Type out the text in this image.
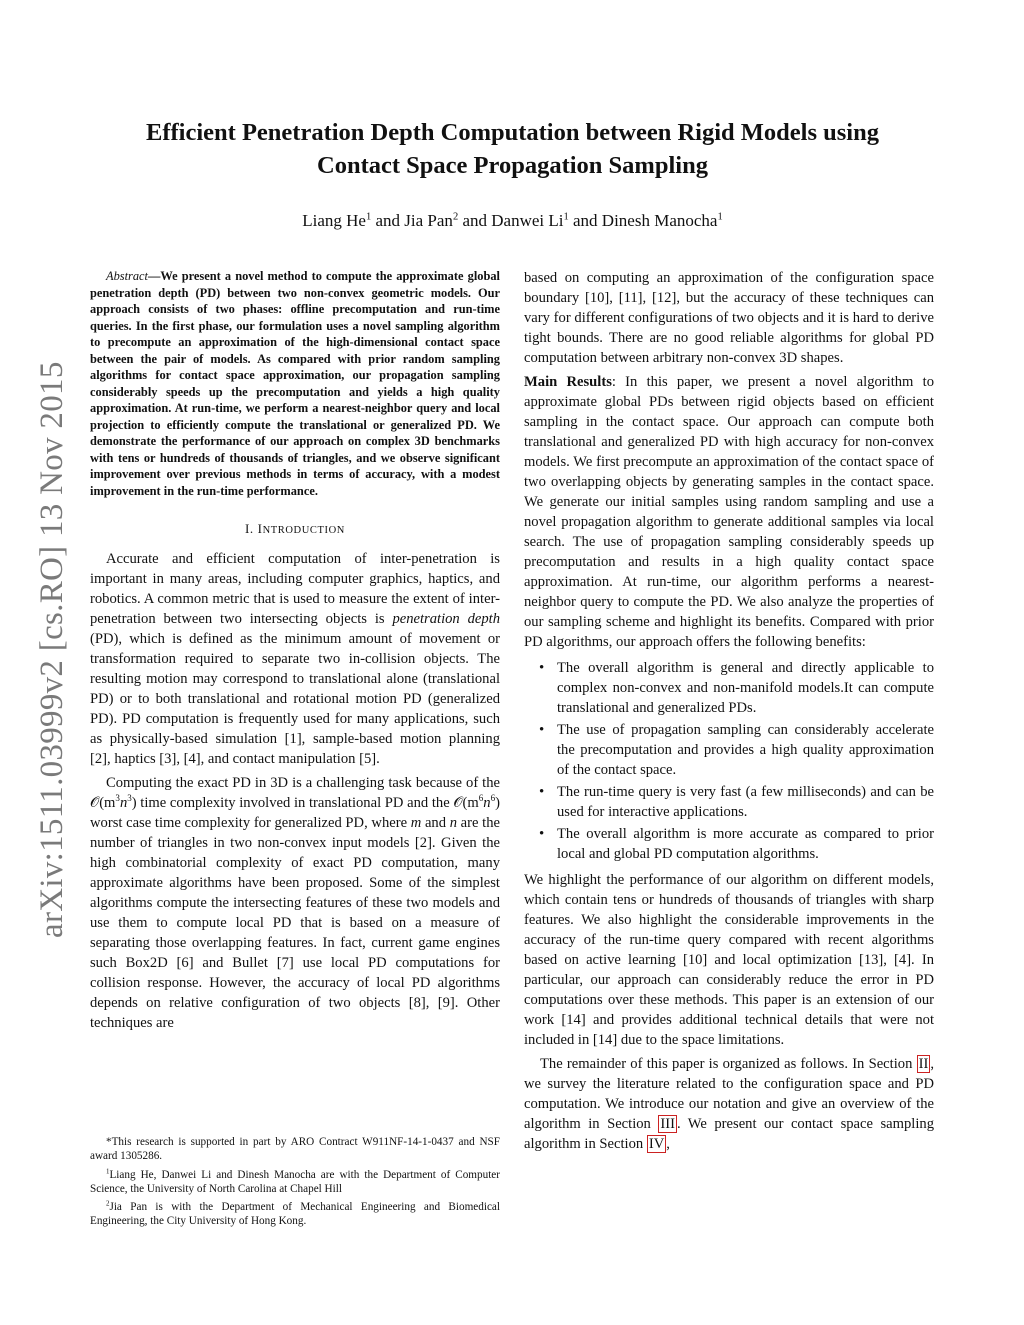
arXiv:1511.03999v2 [cs.RO] 13 Nov 2015
Efficient Penetration Depth Computation between Rigid Models using
Contact Space Propagation Sampling
Liang He$^1$ and Jia Pan$^2$ and Danwei Li$^1$ and Dinesh Manocha$^1$

Abstract—We present a novel method to compute the approximate global penetration depth (PD) between two non-convex geometric models. Our approach consists of two phases: offline precomputation and run-time queries. In the first phase, our formulation uses a novel sampling algorithm to precompute an approximation of the high-dimensional contact space between the pair of models. As compared with prior random sampling algorithms for contact space approximation, our propagation sampling considerably speeds up the precomputation and yields a high quality approximation. At run-time, we perform a nearest-neighbor query and local projection to efficiently compute the translational or generalized PD. We demonstrate the performance of our approach on complex 3D benchmarks with tens or hundreds of thousands of triangles, and we observe significant improvement over previous methods in terms of accuracy, with a modest improvement in the run-time performance.

I. INTRODUCTION

Accurate and efficient computation of inter-penetration is important in many areas, including computer graphics, haptics, and robotics. A common metric that is used to measure the extent of inter-penetration between two intersecting objects is penetration depth (PD), which is defined as the minimum amount of movement or transformation required to separate two in-collision objects. The resulting motion may correspond to translational alone (translational PD) or to both translational and rotational motion PD (generalized PD). PD computation is frequently used for many applications, such as physically-based simulation [1], sample-based motion planning [2], haptics [3], [4], and contact manipulation [5].

Computing the exact PD in 3D is a challenging task because of the $𝒪(m^3n^3)$ time complexity involved in translational PD and the $𝒪(m^6n^6)$ worst case time complexity for generalized PD, where m and n are the number of triangles in two non-convex input models [2]. Given the high combinatorial complexity of exact PD computation, many approximate algorithms have been proposed. Some of the simplest algorithms compute the intersecting features of these two models and use them to compute local PD that is based on a measure of separating those overlapping features. In fact, current game engines such Box2D [6] and Bullet [7] use local PD computations for collision response. However, the accuracy of local PD algorithms depends on relative configuration of two objects [8], [9]. Other techniques are

*This research is supported in part by ARO Contract W911NF-14-1-0437 and NSF award 1305286.

$^1$Liang He, Danwei Li and Dinesh Manocha are with the Department of Computer Science, the University of North Carolina at Chapel Hill

$^2$Jia Pan is with the Department of Mechanical Engineering and Biomedical Engineering, the City University of Hong Kong.

based on computing an approximation of the configuration space boundary [10], [11], [12], but the accuracy of these techniques can vary for different configurations of two objects and it is hard to derive tight bounds. There are no good reliable algorithms for global PD computation between arbitrary non-convex 3D shapes.

Main Results: In this paper, we present a novel algorithm to approximate global PDs between rigid objects based on efficient sampling in the contact space. Our approach can compute both translational and generalized PD with high accuracy for non-convex models. We first precompute an approximation of the contact space of two overlapping objects by generating samples in the contact space. We generate our initial samples using random sampling and use a novel propagation algorithm to generate additional samples via local search. The use of propagation sampling considerably speeds up precomputation and results in a high quality contact space approximation. At run-time, our algorithm performs a nearest-neighbor query to compute the PD. We also analyze the properties of our sampling scheme and highlight its benefits. Compared with prior PD algorithms, our approach offers the following benefits:

• The overall algorithm is general and directly applicable to complex non-convex and non-manifold models.It can compute translational and generalized PDs.
• The use of propagation sampling can considerably accelerate the precomputation and provides a high quality approximation of the contact space.
• The run-time query is very fast (a few milliseconds) and can be used for interactive applications.
• The overall algorithm is more accurate as compared to prior local and global PD computation algorithms.

We highlight the performance of our algorithm on different models, which contain tens or hundreds of thousands of triangles with sharp features. We also highlight the considerable improvements in the accuracy of the run-time query compared with recent algorithms based on active learning [10] and local optimization [13], [4]. In particular, our approach can considerably reduce the error in PD computations over these methods. This paper is an extension of our work [14] and provides additional technical details that were not included in [14] due to the space limitations.

The remainder of this paper is organized as follows. In Section II , we survey the literature related to the configuration space and PD computation. We introduce our notation and give an overview of the algorithm in Section III . We present our contact space sampling algorithm in Section IV ,
